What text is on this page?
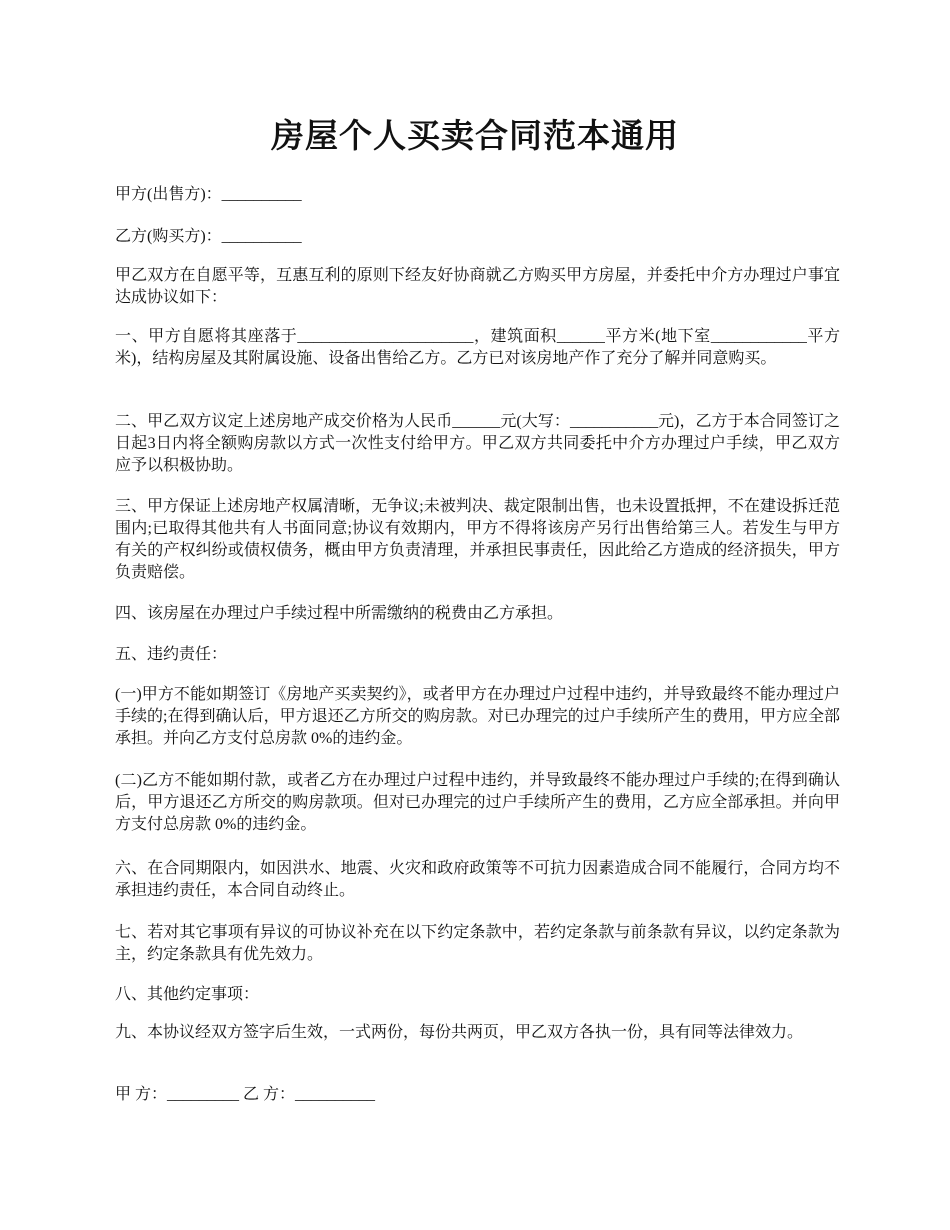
房屋个人买卖合同范本通用

甲方(出售方)：__________

乙方(购买方)：__________

甲乙双方在自愿平等，互惠互利的原则下经友好协商就乙方购买甲方房屋，并委托中介方办理过户事宜达成协议如下：

一、甲方自愿将其座落于______________________，建筑面积______平方米(地下室____________平方米)，结构房屋及其附属设施、设备出售给乙方。乙方已对该房地产作了充分了解并同意购买。

二、甲乙双方议定上述房地产成交价格为人民币______元(大写：___________元)，乙方于本合同签订之日起3日内将全额购房款以方式一次性支付给甲方。甲乙双方共同委托中介方办理过户手续，甲乙双方应予以积极协助。

三、甲方保证上述房地产权属清晰，无争议;未被判决、裁定限制出售，也未设置抵押，不在建设拆迁范围内;已取得其他共有人书面同意;协议有效期内，甲方不得将该房产另行出售给第三人。若发生与甲方有关的产权纠纷或债权债务，概由甲方负责清理，并承担民事责任，因此给乙方造成的经济损失，甲方负责赔偿。

四、该房屋在办理过户手续过程中所需缴纳的税费由乙方承担。

五、违约责任：

(一)甲方不能如期签订《房地产买卖契约》，或者甲方在办理过户过程中违约，并导致最终不能办理过户手续的;在得到确认后，甲方退还乙方所交的购房款。对已办理完的过户手续所产生的费用，甲方应全部承担。并向乙方支付总房款 0%的违约金。

(二)乙方不能如期付款，或者乙方在办理过户过程中违约，并导致最终不能办理过户手续的;在得到确认后，甲方退还乙方所交的购房款项。但对已办理完的过户手续所产生的费用，乙方应全部承担。并向甲方支付总房款 0%的违约金。

六、在合同期限内，如因洪水、地震、火灾和政府政策等不可抗力因素造成合同不能履行，合同方均不承担违约责任，本合同自动终止。

七、若对其它事项有异议的可协议补充在以下约定条款中，若约定条款与前条款有异议，以约定条款为主，约定条款具有优先效力。

八、其他约定事项：

九、本协议经双方签字后生效，一式两份，每份共两页，甲乙双方各执一份，具有同等法律效力。

甲 方：_________ 乙 方：__________
